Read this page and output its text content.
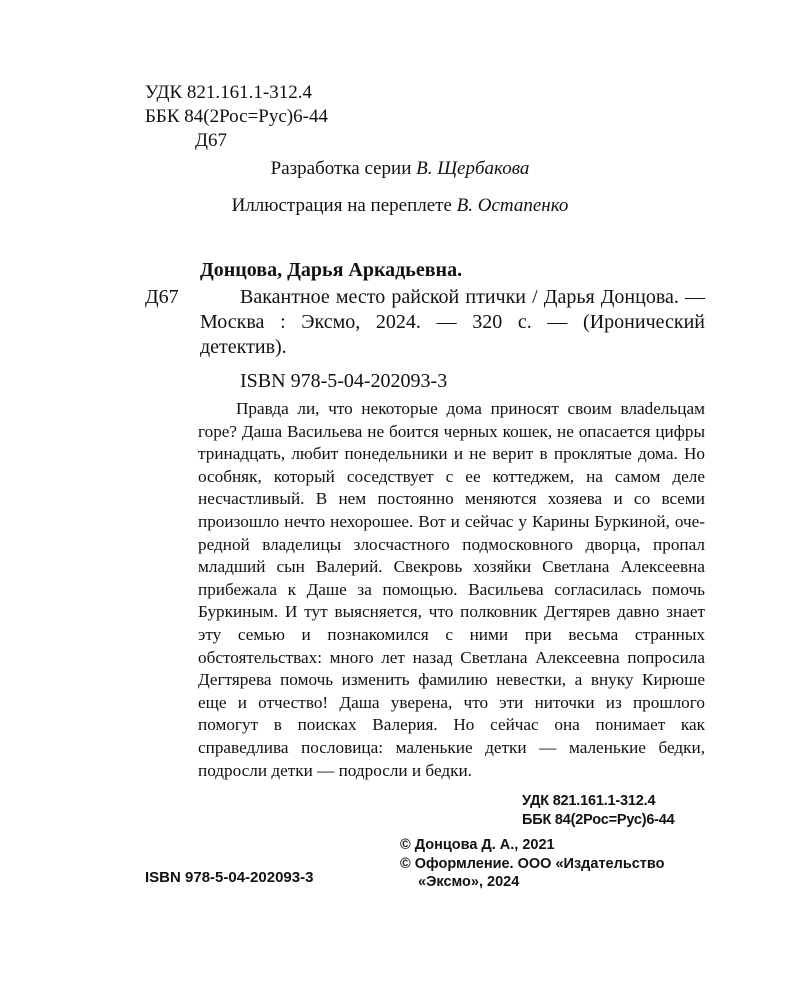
УДК 821.161.1-312.4
ББК 84(2Рос=Рус)6-44
Д67
Разработка серии В. Щербакова
Иллюстрация на переплете В. Остапенко
Донцова, Дарья Аркадьевна.
Д67	Вакантное место райской птички / Дарья Донцова. — Москва : Эксмо, 2024. — 320 с. — (Иронический детектив).
ISBN 978-5-04-202093-3

Правда ли, что некоторые дома приносят своим влаdельцам горе? Даша Васильева не боится черных кошек, не опасается цифры тринадцать, любит понедельники и не верит в проклятые дома. Но особняк, который соседствует с ее коттеджем, на самом деле несчастливый. В нем постоянно меняются хозяева и со всеми произошло нечто нехорошее. Вот и сейчас у Карины Буркиной, очередной владелицы злосчастного подмосковного дворца, пропал младший сын Валерий. Свекровь хозяйки Светлана Алексеевна прибежала к Даше за помощью. Васильева согласилась помочь Буркиным. И тут выясняется, что полковник Дегтярев давно знает эту семью и познакомился с ними при весьма странных обстоятельствах: много лет назад Светлана Алексеевна попросила Дегтярева помочь изменить фамилию невестки, а внуку Кирюше еще и отчество! Даша уверена, что эти ниточки из прошлого помогут в поисках Валерия. Но сейчас она понимает как справедлива пословица: маленькие детки — маленькие бедки, подросли детки — подросли и бедки.

УДК 821.161.1-312.4
ББК 84(2Рос=Рус)6-44
© Донцова Д. А., 2021
© Оформление. ООО «Издательство
«Эксмо», 2024
ISBN 978-5-04-202093-3
